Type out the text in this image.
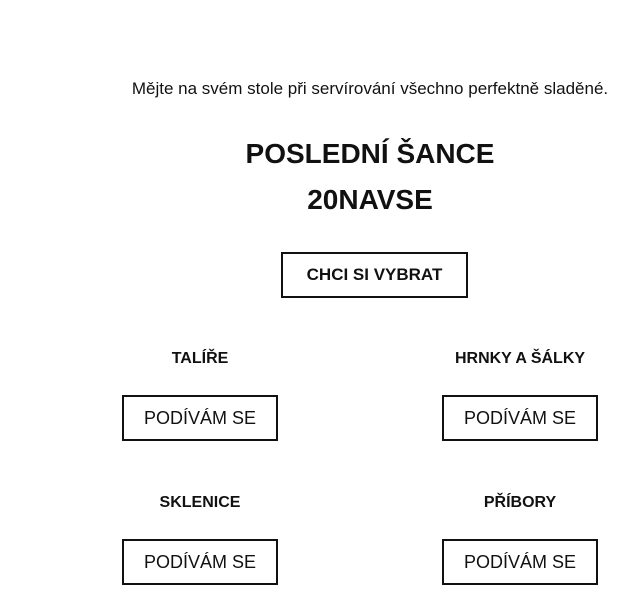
Mějte na svém stole při servírování všechno perfektně sladěné.
POSLEDNÍ ŠANCE
20NAVSE
CHCI SI VYBRAT
TALÍŘE
PODÍVÁM SE
HRNKY A ŠÁLKY
PODÍVÁM SE
SKLENICE
PODÍVÁM SE
PŘÍBORY
PODÍVÁM SE
